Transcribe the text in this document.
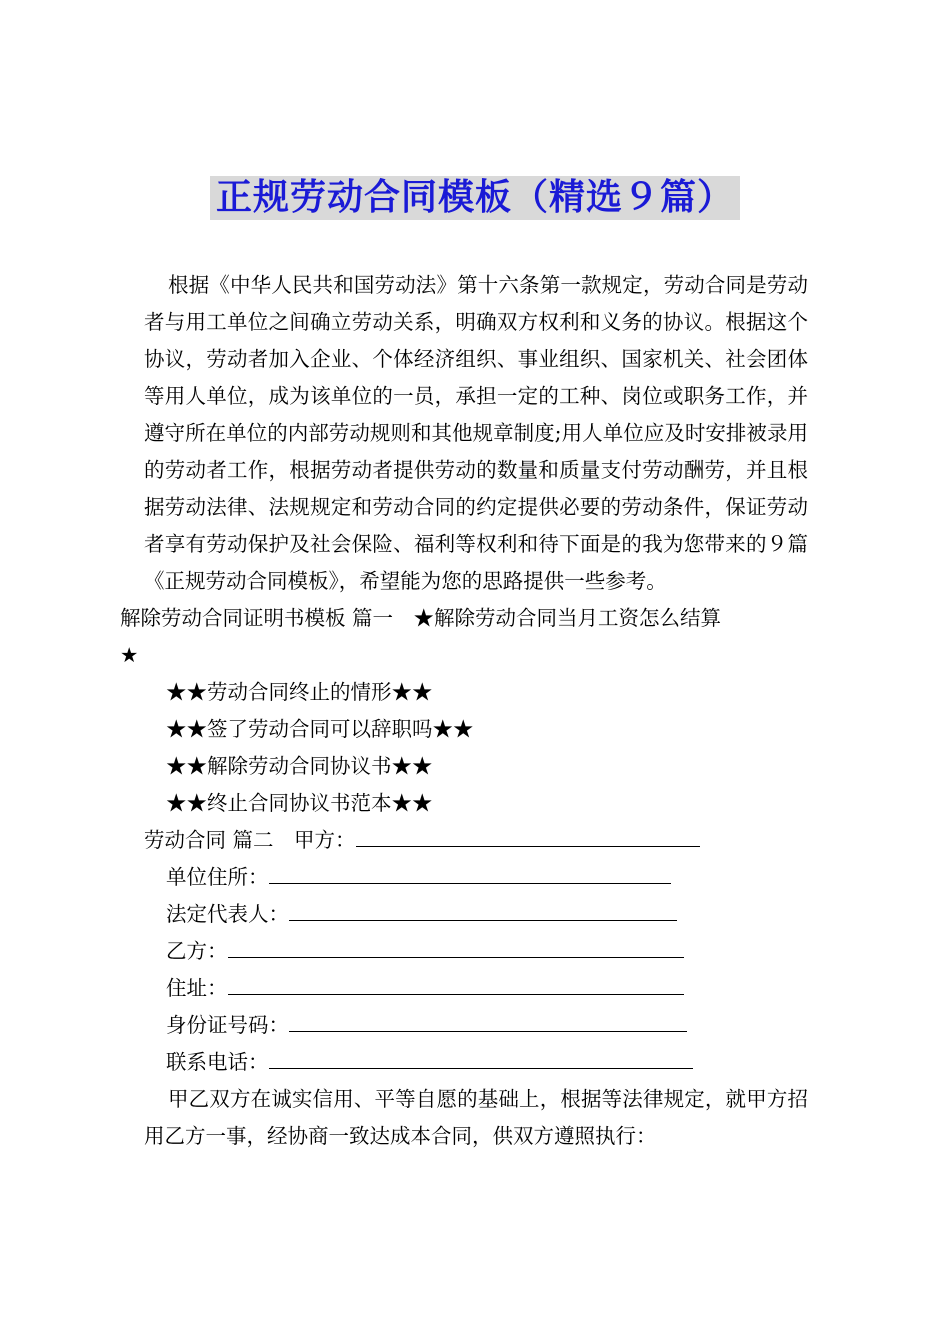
正规劳动合同模板（精选９篇）
根据《中华人民共和国劳动法》第十六条第一款规定，劳动合同是劳动者与用工单位之间确立劳动关系，明确双方权利和义务的协议。根据这个协议，劳动者加入企业、个体经济组织、事业组织、国家机关、社会团体等用人单位，成为该单位的一员，承担一定的工种、岗位或职务工作，并遵守所在单位的内部劳动规则和其他规章制度;用人单位应及时安排被录用的劳动者工作，根据劳动者提供劳动的数量和质量支付劳动酬劳，并且根据劳动法律、法规规定和劳动合同的约定提供必要的劳动条件，保证劳动者享有劳动保护及社会保险、福利等权利和待下面是的我为您带来的９篇《正规劳动合同模板》，希望能为您的思路提供一些参考。
解除劳动合同证明书模板 篇一　★解除劳动合同当月工资怎么结算
★
★★劳动合同终止的情形★★
★★签了劳动合同可以辞职吗★★
★★解除劳动合同协议书★★
★★终止合同协议书范本★★
劳动合同 篇二　甲方：
单位住所：
法定代表人：
乙方：
住址：
身份证号码：
联系电话：
甲乙双方在诚实信用、平等自愿的基础上，根据等法律规定，就甲方招用乙方一事，经协商一致达成本合同，供双方遵照执行：
